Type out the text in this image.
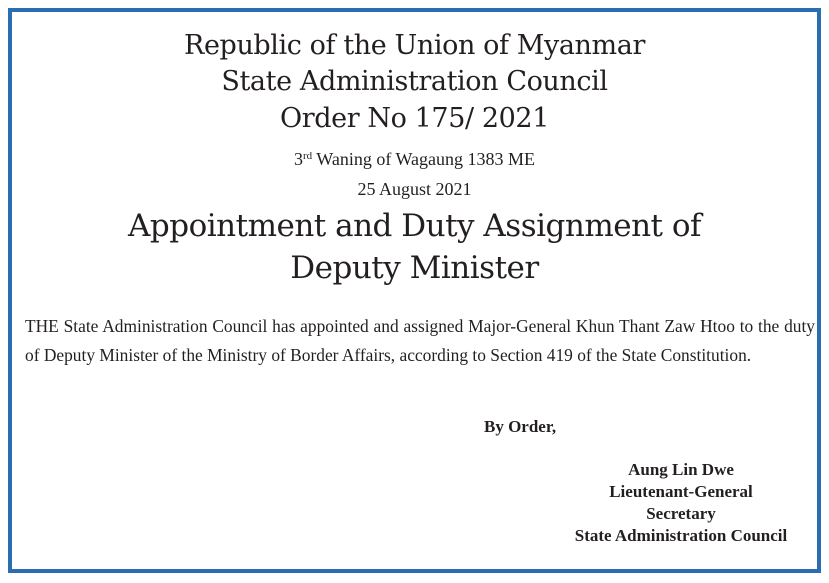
Republic of the Union of Myanmar
State Administration Council
Order No 175/ 2021
3rd Waning of Wagaung 1383 ME
25 August 2021
Appointment and Duty Assignment of
Deputy Minister
THE State Administration Council has appointed and assigned Major-General Khun Thant Zaw Htoo to the duty of Deputy Minister of the Ministry of Border Affairs, according to Section 419 of the State Constitution.
By Order,
Aung Lin Dwe
Lieutenant-General
Secretary
State Administration Council
